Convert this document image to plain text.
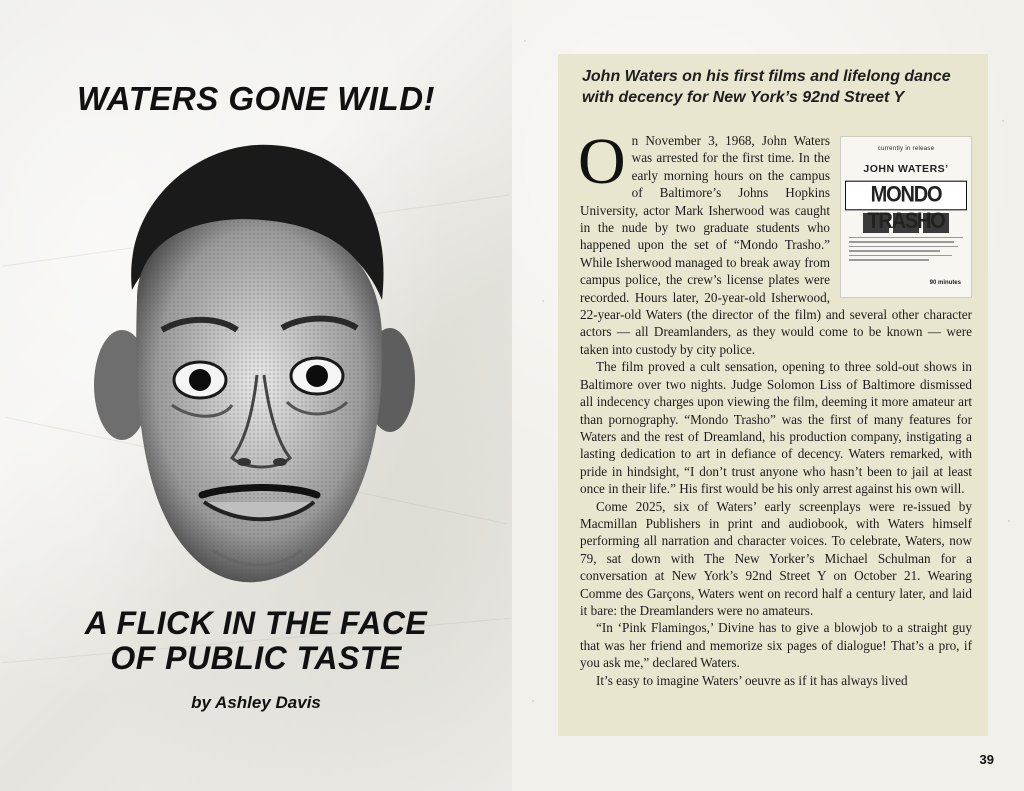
WATERS GONE WILD!
A FLICK IN THE FACE
OF PUBLIC TASTE
by Ashley Davis
John Waters on his first films and lifelong dance with decency for New York’s 92nd Street Y
currently in release
JOHN WATERS’
MONDO TRASHO
90 minutes

On November 3, 1968, John Waters was arrested for the first time. In the early morning hours on the campus of Baltimore’s Johns Hopkins University, actor Mark Isherwood was caught in the nude by two graduate students who happened upon the set of “Mondo Trasho.” While Isherwood managed to break away from campus police, the crew’s license plates were recorded. Hours later, 20-year-old Isherwood, 22-year-old Waters (the director of the film) and several other character actors — all Dreamlanders, as they would come to be known — were taken into custody by city police.

The film proved a cult sensation, opening to three sold-out shows in Baltimore over two nights. Judge Solomon Liss of Baltimore dismissed all indecency charges upon viewing the film, deeming it more amateur art than pornography. “Mondo Trasho” was the first of many features for Waters and the rest of Dreamland, his production company, instigating a lasting dedication to art in defiance of decency. Waters remarked, with pride in hindsight, “I don’t trust anyone who hasn’t been to jail at least once in their life.” His first would be his only arrest against his own will.

Come 2025, six of Waters’ early screenplays were re-issued by Macmillan Publishers in print and audiobook, with Waters himself performing all narration and character voices. To celebrate, Waters, now 79, sat down with The New Yorker’s Michael Schulman for a conversation at New York’s 92nd Street Y on October 21. Wearing Comme des Garçons, Waters went on record half a century later, and laid it bare: the Dreamlanders were no amateurs.

“In ‘Pink Flamingos,’ Divine has to give a blowjob to a straight guy that was her friend and memorize six pages of dialogue! That’s a pro, if you ask me,” declared Waters.

It’s easy to imagine Waters’ oeuvre as if it has always lived

39
